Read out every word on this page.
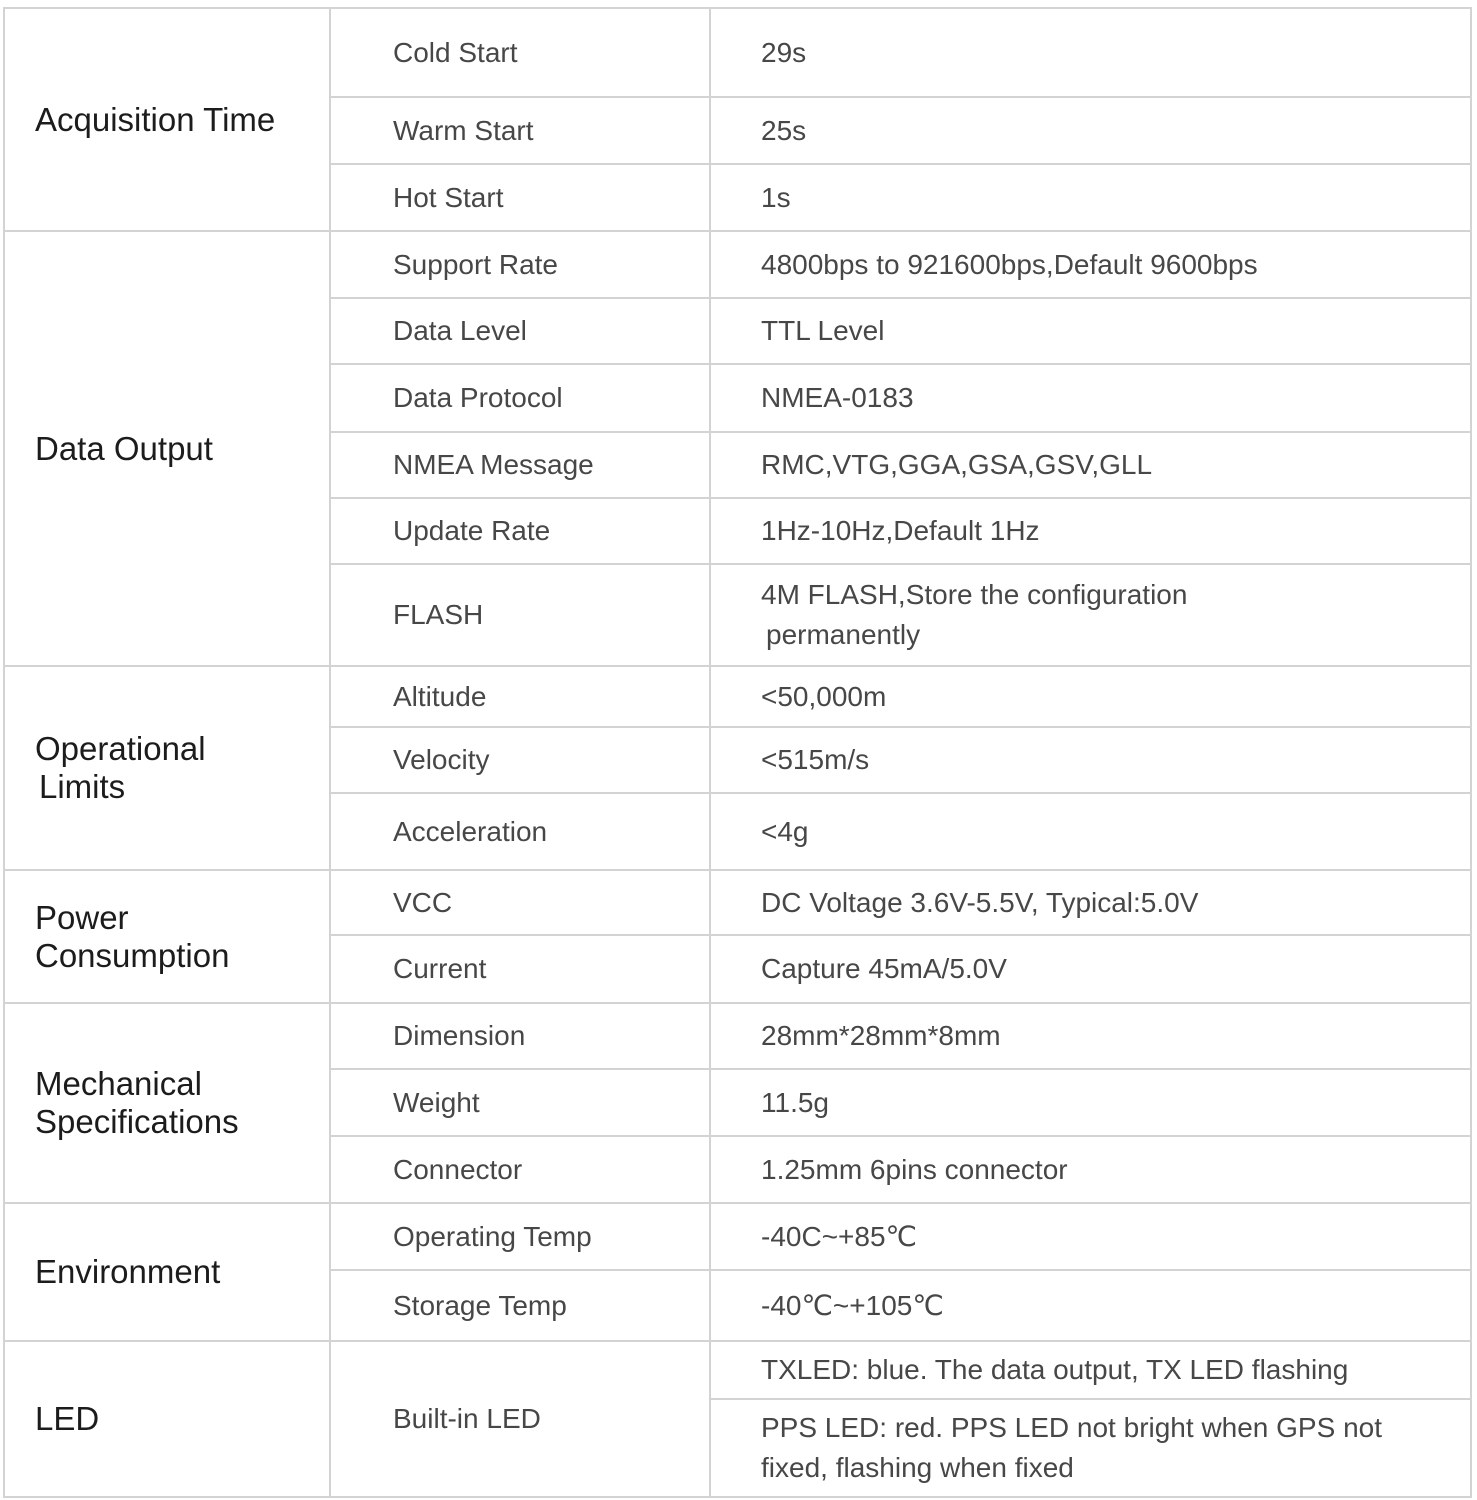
Acquisition Time	Cold Start	29s

	Warm Start	25s

	Hot Start	1s

Data Output	Support Rate	4800bps to 921600bps,Default 9600bps

	Data Level	TTL Level

	Data Protocol	NMEA-0183

	NMEA Message	RMC,VTG,GGA,GSA,GSV,GLL

	Update Rate	1Hz-10Hz,Default 1Hz

	FLASH	4M FLASH,Store the configuration
permanently

Operational
Limits	Altitude	<50,000m

	Velocity	<515m/s

	Acceleration	<4g

Power
Consumption	VCC	DC Voltage 3.6V-5.5V, Typical:5.0V

	Current	Capture 45mA/5.0V

Mechanical
Specifications	Dimension	28mm*28mm*8mm

	Weight	11.5g

	Connector	1.25mm 6pins connector

Environment	Operating Temp	-40C~+85℃

	Storage Temp	-40℃~+105℃

LED	Built-in LED	TXLED: blue. The data output, TX LED flashing

		PPS LED: red. PPS LED not bright when GPS not
fixed, flashing when fixed
